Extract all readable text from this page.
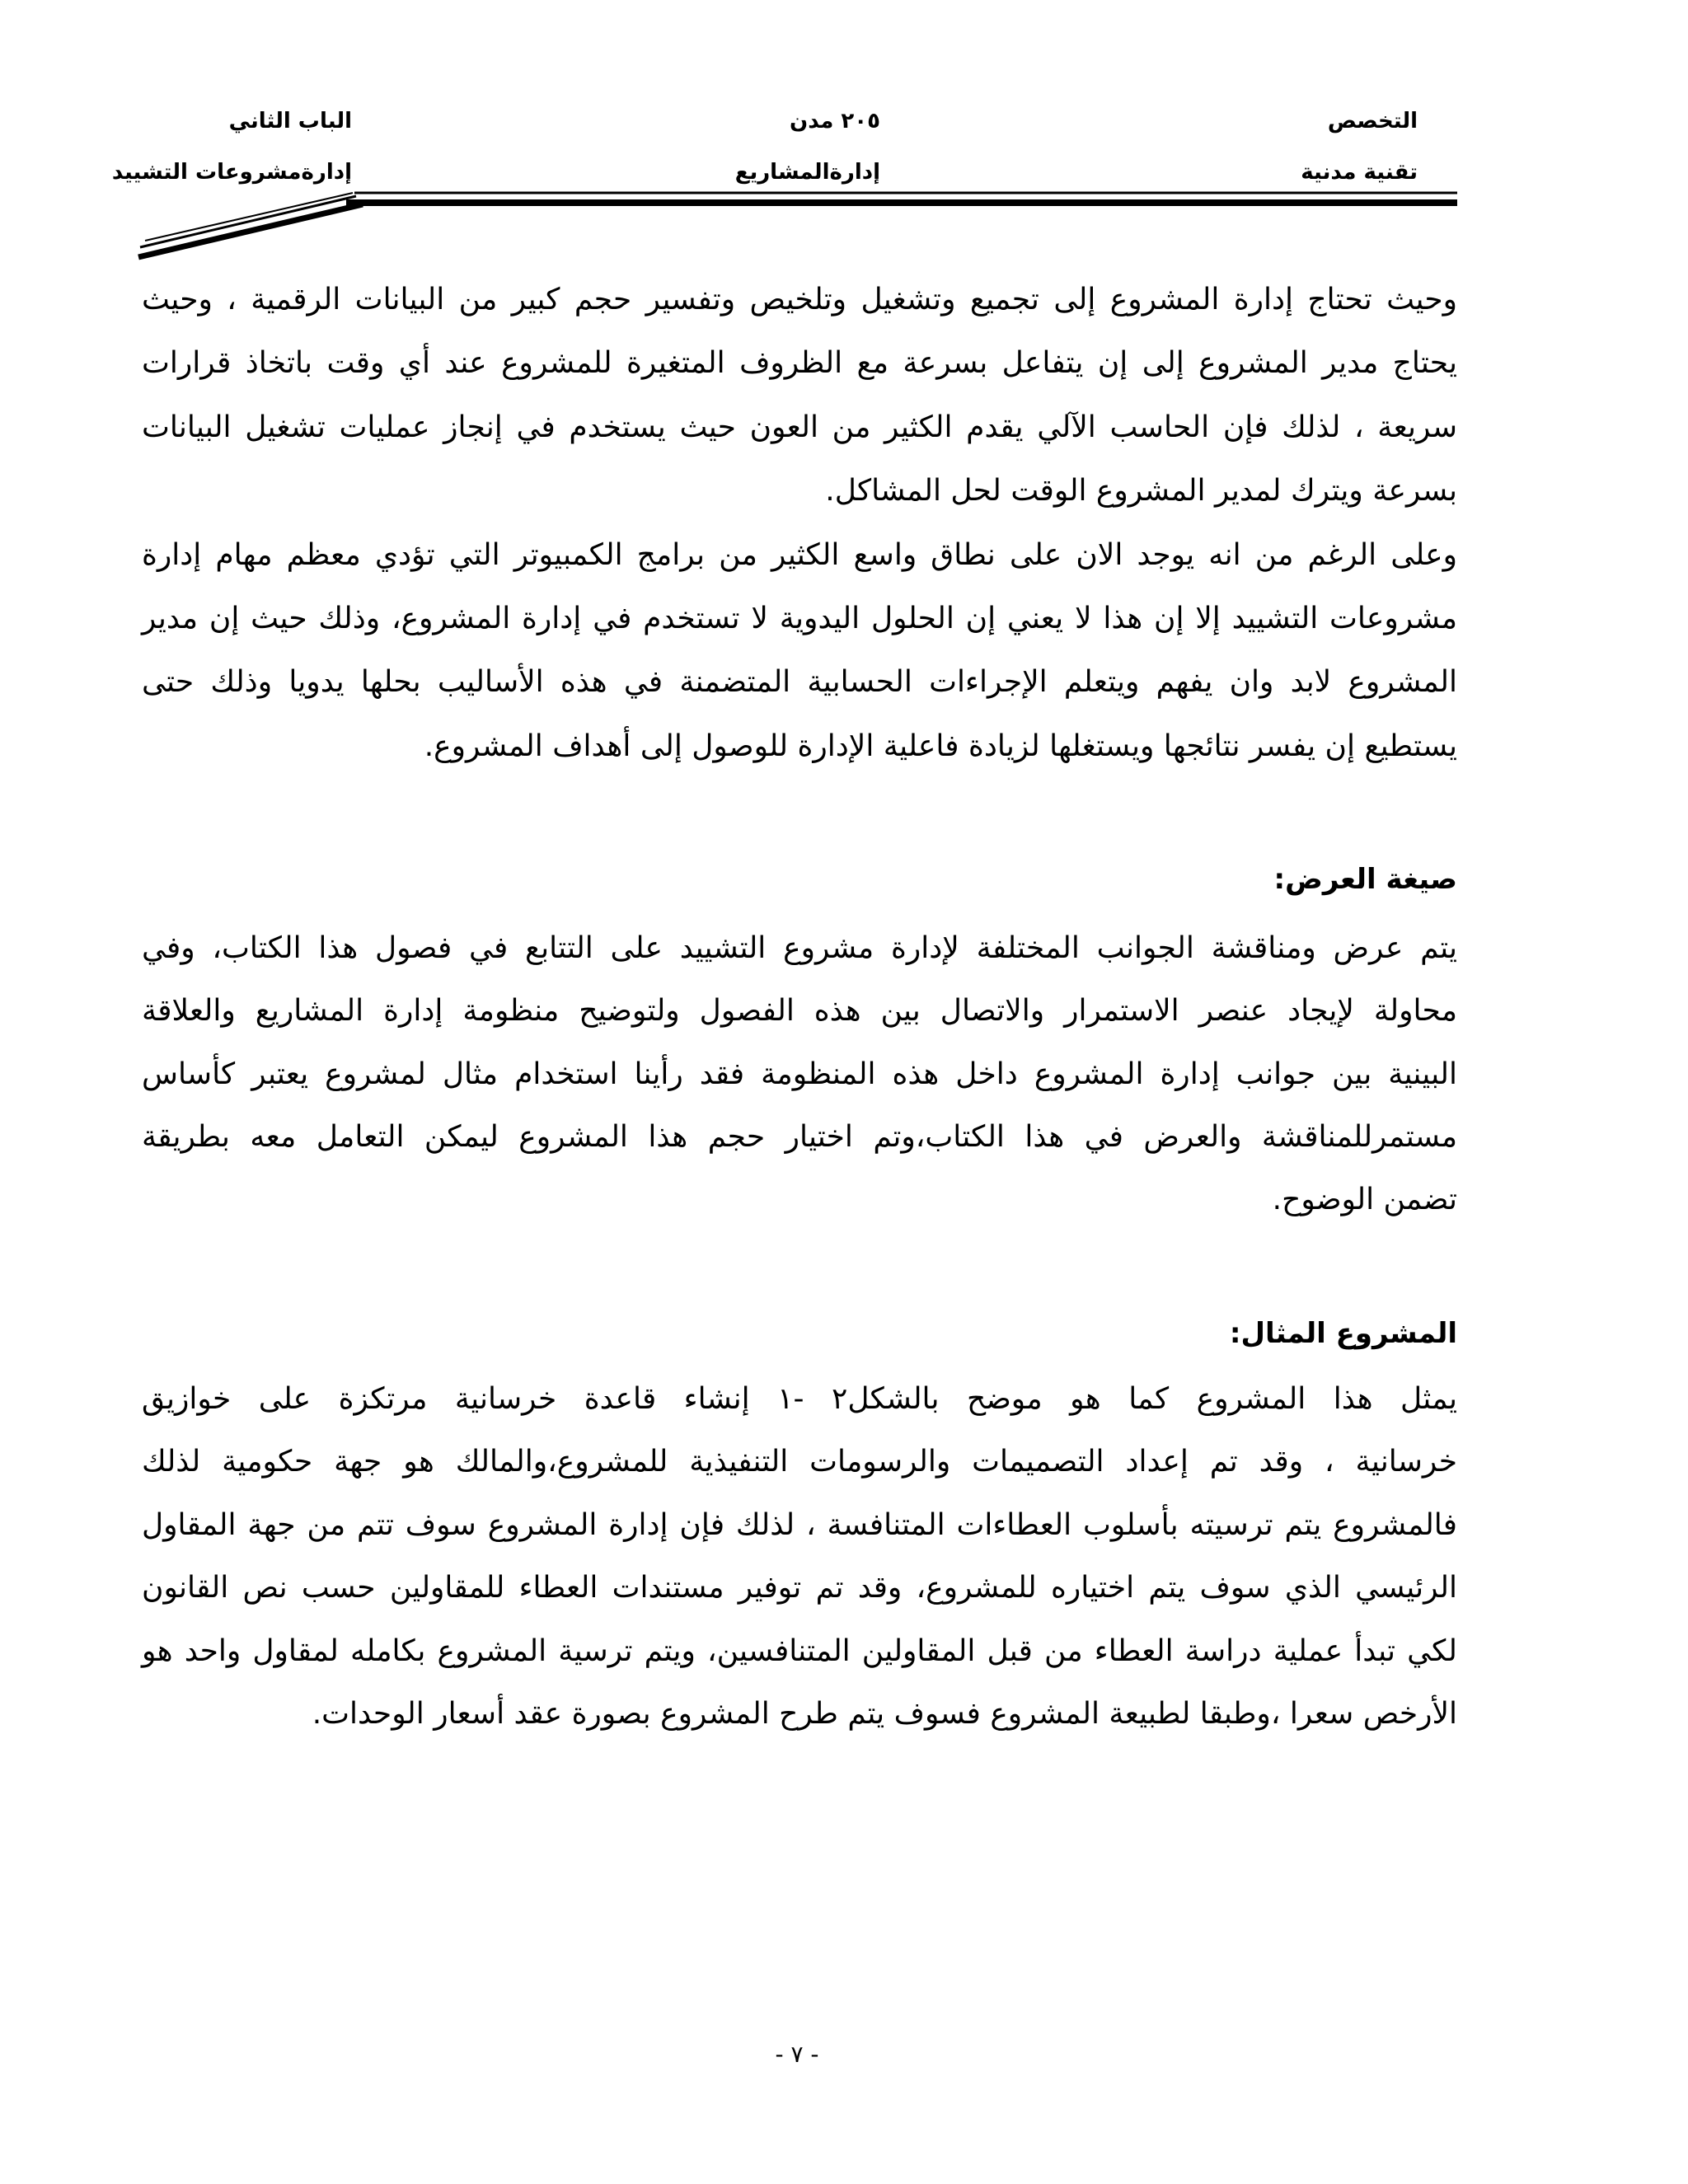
التخصص
تقنية مدنية
٢٠٥ مدن
إدارةالمشاريع
الباب الثاني
إدارةمشروعات التشييد
وحيث تحتاج إدارة المشروع إلى تجميع وتشغيل وتلخيص وتفسير حجم كبير من البيانات الرقمية ، وحيث
يحتاج مدير المشروع إلى إن يتفاعل بسرعة مع الظروف المتغيرة للمشروع عند أي وقت باتخاذ قرارات
سريعة ، لذلك فإن الحاسب الآلي يقدم الكثير من العون حيث يستخدم في إنجاز عمليات تشغيل البيانات
بسرعة ويترك لمدير المشروع الوقت لحل المشاكل.
وعلى الرغم من انه يوجد الان على نطاق واسع الكثير من برامج الكمبيوتر التي تؤدي معظم مهام إدارة
مشروعات التشييد إلا إن هذا لا يعني إن الحلول اليدوية لا تستخدم في إدارة المشروع، وذلك حيث إن مدير
المشروع لابد وان يفهم ويتعلم الإجراءات الحسابية المتضمنة في هذه الأساليب بحلها يدويا وذلك حتى
يستطيع إن يفسر نتائجها ويستغلها لزيادة فاعلية الإدارة للوصول إلى أهداف المشروع.
صيغة العرض:
يتم عرض ومناقشة الجوانب المختلفة لإدارة مشروع التشييد على التتابع في فصول هذا الكتاب، وفي
محاولة لإيجاد عنصر الاستمرار والاتصال بين هذه الفصول ولتوضيح منظومة إدارة المشاريع والعلاقة
البينية بين جوانب إدارة المشروع داخل هذه المنظومة فقد رأينا استخدام مثال لمشروع يعتبر كأساس
مستمرللمناقشة والعرض في هذا الكتاب،وتم اختيار حجم هذا المشروع ليمكن التعامل معه بطريقة
تضمن الوضوح.
المشروع المثال:
يمثل هذا المشروع كما هو موضح بالشكل٢ -١ إنشاء قاعدة خرسانية مرتكزة على خوازيق
خرسانية ، وقد تم إعداد التصميمات والرسومات التنفيذية للمشروع،والمالك هو جهة حكومية لذلك
فالمشروع يتم ترسيته بأسلوب العطاءات المتنافسة ، لذلك فإن إدارة المشروع سوف تتم من جهة المقاول
الرئيسي الذي سوف يتم اختياره للمشروع، وقد تم توفير مستندات العطاء للمقاولين حسب نص القانون
لكي تبدأ عملية دراسة العطاء من قبل المقاولين المتنافسين، ويتم ترسية المشروع بكامله لمقاول واحد هو
الأرخص سعرا ،وطبقا لطبيعة المشروع فسوف يتم طرح المشروع بصورة عقد أسعار الوحدات.
- ٧ -
